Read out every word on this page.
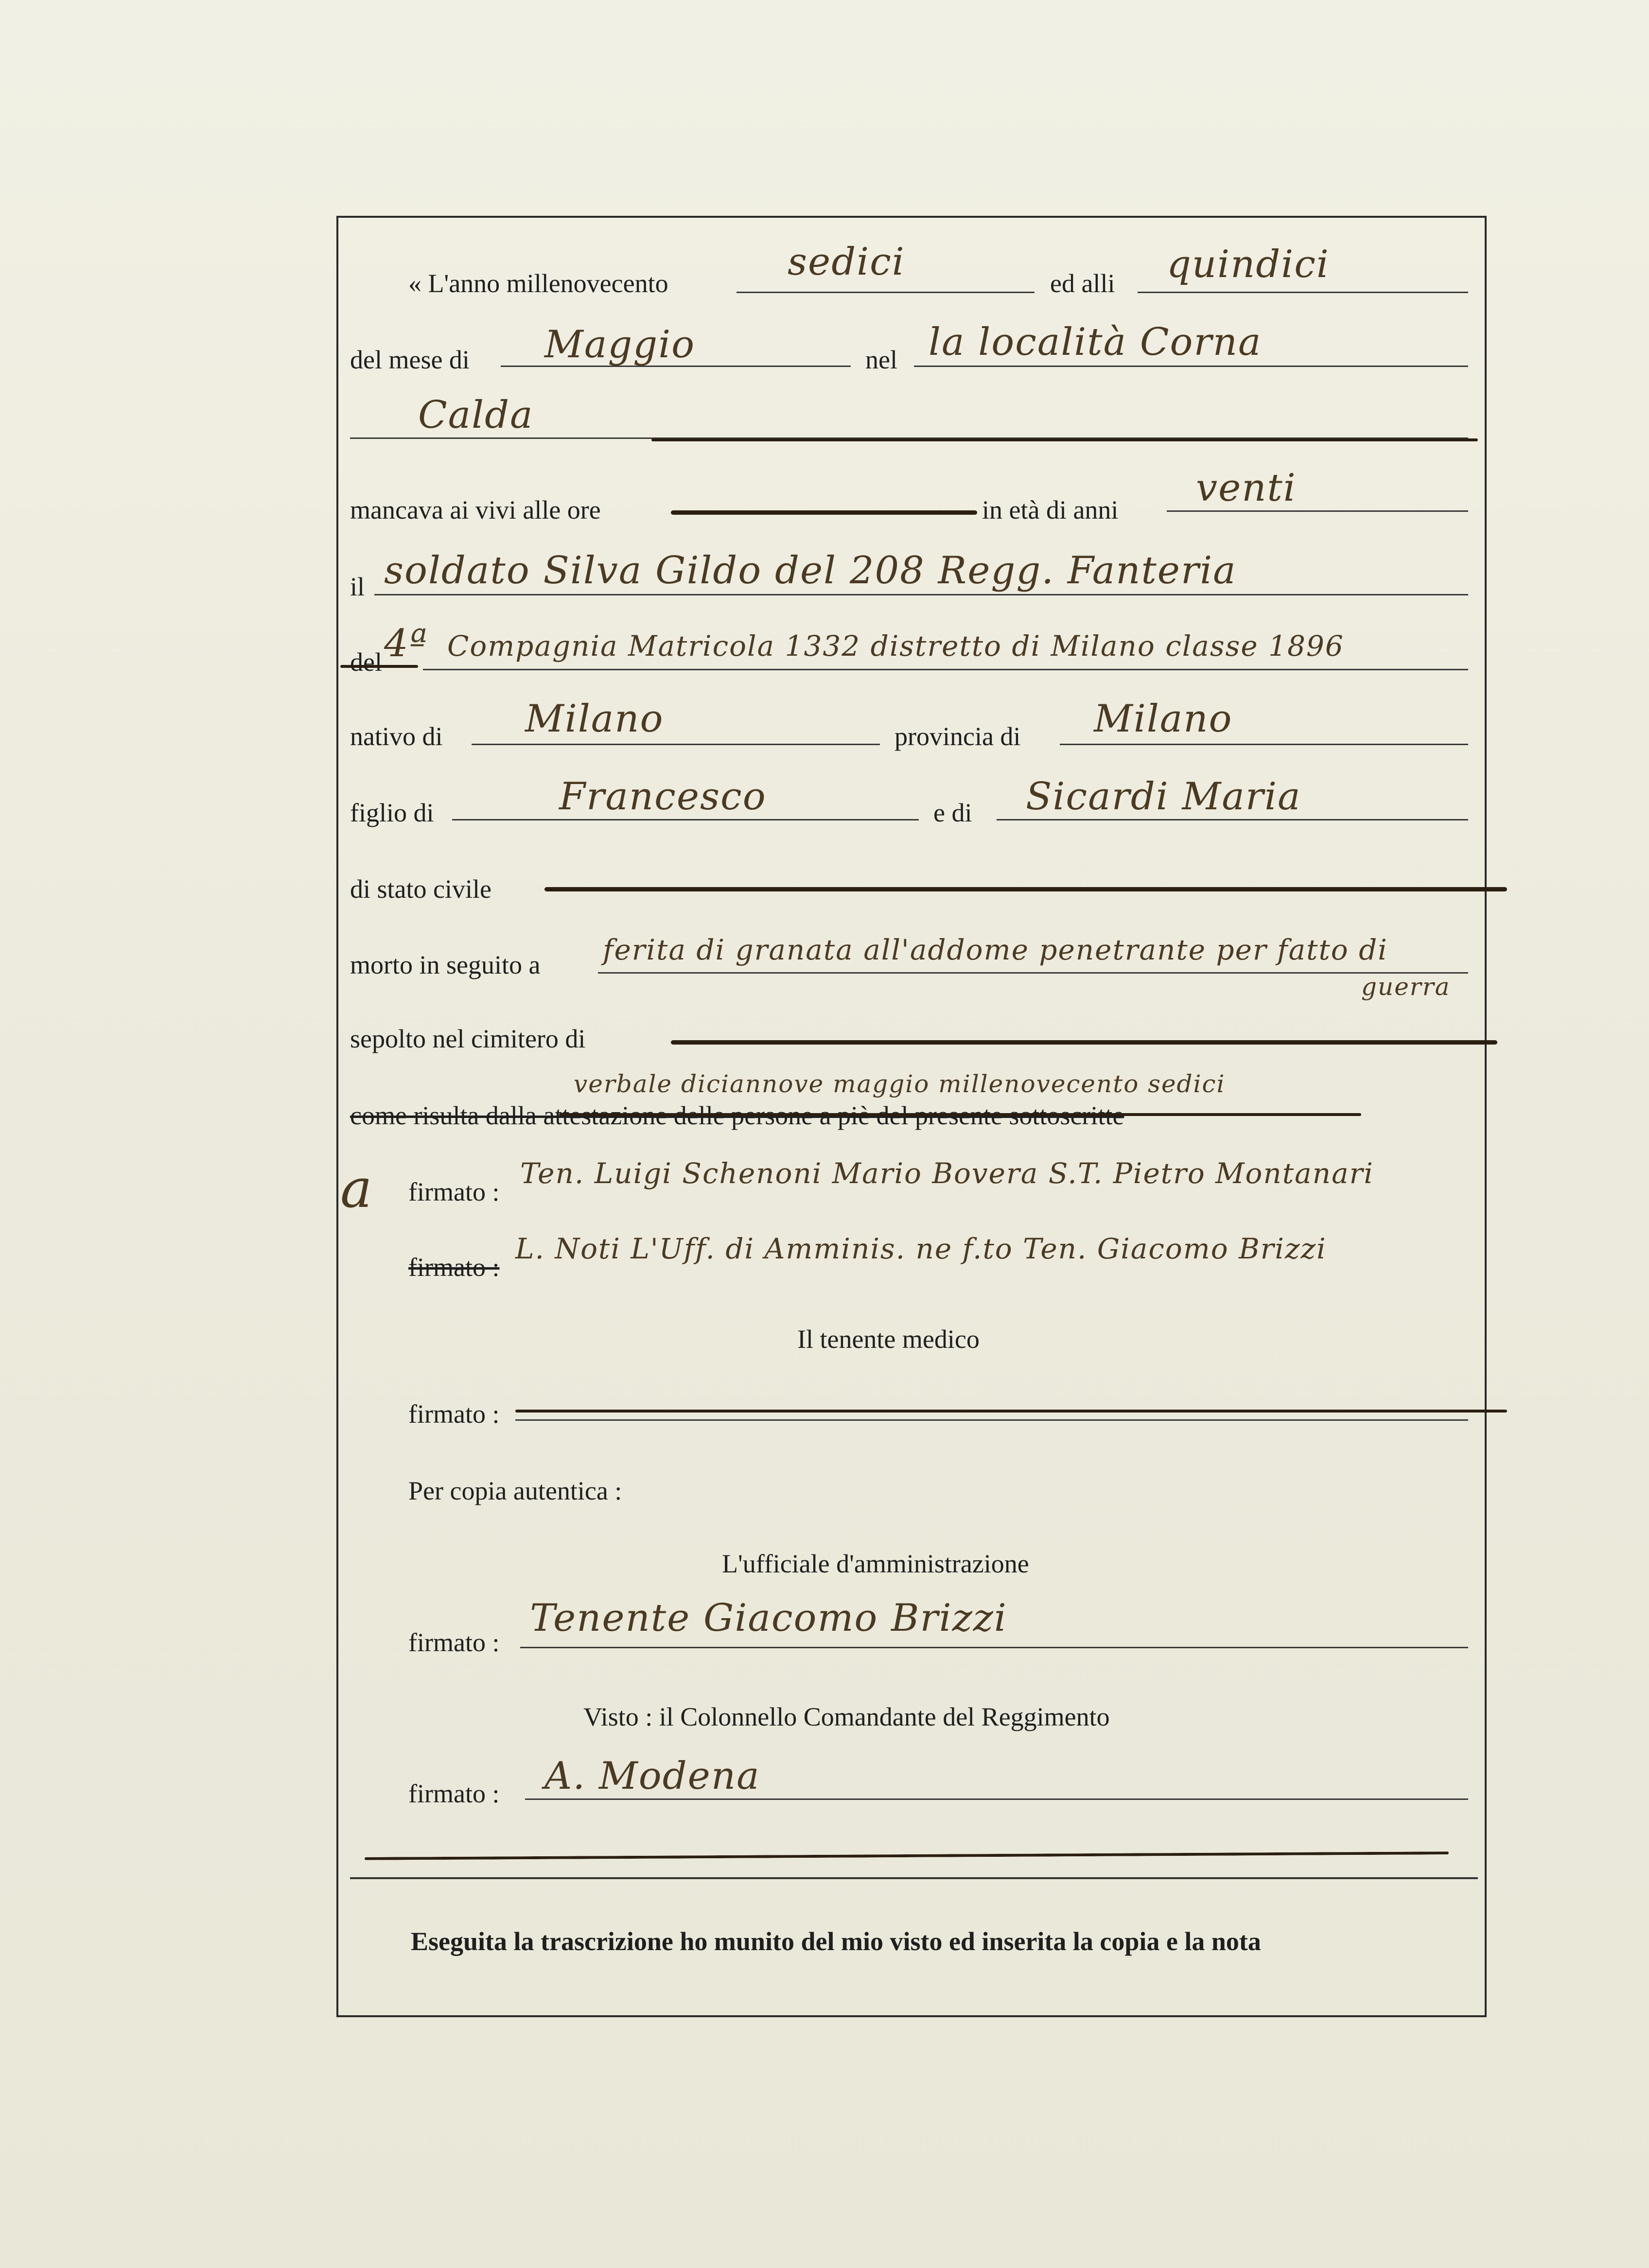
« L'anno millenovecento	sedici	ed alli quindici
del mese di Maggio	nel la località Corna
Calda
mancava ai vivi alle ore	in età di anni venti
il soldato Silva Gildo del 208 Regg. Fanteria
del 4ª Compagnia Matricola 1332 distretto di Milano classe 1896
nativo di Milano	provincia di Milano
figlio di	Francesco	e di Sicardi Maria
di stato civile
morto in seguito a ferita di granata all'addome penetrante per fatto di
guerra
sepolto nel cimitero di
verbale diciannove maggio millenovecento sedici
come risulta dalla attestazione delle persone a piè del presente sottoscritte
a firmato :
Ten. Luigi Schenoni Mario Bovera S.T. Pietro Montanari
firmato :
L. Noti L'Uff. di Amminis. ne f.to Ten. Giacomo Brizzi
Il tenente medico
firmato :
Per copia autentica :
L'ufficiale d'amministrazione
firmato :
Tenente Giacomo Brizzi
Visto : il Colonnello Comandante del Reggimento
firmato : A. Modena
Eseguita la trascrizione ho munito del mio visto ed inserita la copia e la nota
